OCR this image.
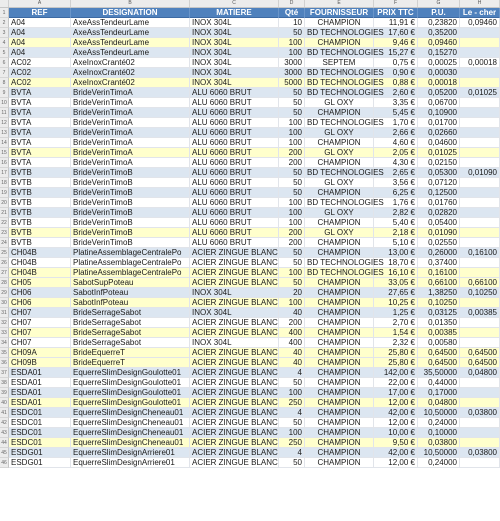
A	B	C	D	E	F	G	H
1
2
3
4
5
6
7
8
9
10
11
12
13
14
15
16
17
18
19
20
21
22
23
24
25
26
27
28
29
30
31
32
33
34
35
36
37
38
39
40
41
42
43
44
45
46
REF	DESIGNATION	MATIERE	Qté	FOURNISSEUR	PRIX TTC	P.U.	Le - cher
A04	AxeAssTendeurLame	INOX 304L	10	CHAMPION	11,91 €	0,23820	0,09460
A04	AxeAssTendeurLame	INOX 304L	50 BD TECHNOLOGIES 17,60 €	0,35200
A04	AxeAssTendeurLame	INOX 304L	100	CHAMPION	9,46 €	0,09460
A04	AxeAssTendeurLame	INOX 304L	100 BD TECHNOLOGIES 15,27 €	0,15270
AC02	AxeInoxCranté02	INOX 304L	3000	SEPTEM	0,75 €	0,00025	0,00018
AC02	AxeInoxCranté02	INOX 304L	3000 BD TECHNOLOGIES	0,90 €	0,00030
AC02	AxeInoxCranté02	INOX 304L	5000 BD TECHNOLOGIES	0,88 €	0,00018
BVTA	BrideVerinTimoA	ALU 6060 BRUT	50 BD TECHNOLOGIES	2,60 €	0,05200	0,01025
BVTA	BrideVerinTimoA	ALU 6060 BRUT	50	GL OXY	3,35 €	0,06700
BVTA	BrideVerinTimoA	ALU 6060 BRUT	50	CHAMPION	5,45 €	0,10900
BVTA	BrideVerinTimoA	ALU 6060 BRUT	100 BD TECHNOLOGIES	1,70 €	0,01700
BVTA	BrideVerinTimoA	ALU 6060 BRUT	100	GL OXY	2,66 €	0,02660
BVTA	BrideVerinTimoA	ALU 6060 BRUT	100	CHAMPION	4,60 €	0,04600
BVTA	BrideVerinTimoA	ALU 6060 BRUT	200	GL OXY	2,05 €	0,01025
BVTA	BrideVerinTimoA	ALU 6060 BRUT	200	CHAMPION	4,30 €	0,02150
BVTB	BrideVerinTimoB	ALU 6060 BRUT	50 BD TECHNOLOGIES	2,65 €	0,05300	0,01090
BVTB	BrideVerinTimoB	ALU 6060 BRUT	50	GL OXY	3,56 €	0,07120
BVTB	BrideVerinTimoB	ALU 6060 BRUT	50	CHAMPION	6,25 €	0,12500
BVTB	BrideVerinTimoB	ALU 6060 BRUT	100 BD TECHNOLOGIES	1,76 €	0,01760
BVTB	BrideVerinTimoB	ALU 6060 BRUT	100	GL OXY	2,82 €	0,02820
BVTB	BrideVerinTimoB	ALU 6060 BRUT	100	CHAMPION	5,40 €	0,05400
BVTB	BrideVerinTimoB	ALU 6060 BRUT	200	GL OXY	2,18 €	0,01090
BVTB	BrideVerinTimoB	ALU 6060 BRUT	200	CHAMPION	5,10 €	0,02550
CH04B	PlatineAssemblageCentralePo	ACIER ZINGUE BLANC	50	CHAMPION	13,00 €	0,26000	0,16100
CH04B	PlatineAssemblageCentralePo	ACIER ZINGUE BLANC	50 BD TECHNOLOGIES 18,70 €	0,37400
CH04B	PlatineAssemblageCentralePo	ACIER ZINGUE BLANC	100 BD TECHNOLOGIES 16,10 €	0,16100
CH05	SabotSupPoteau	ACIER ZINGUE BLANC	50	CHAMPION	33,05 €	0,66100	0,66100
CH06	SabotInfPoteau	INOX 304L	20	CHAMPION	27,65 €	1,38250	0,10250
CH06	SabotInfPoteau	ACIER ZINGUE BLANC	100	CHAMPION	10,25 €	0,10250
CH07	BrideSerrageSabot	INOX 304L	40	CHAMPION	1,25 €	0,03125	0,00385
CH07	BrideSerrageSabot	ACIER ZINGUE BLANC	200	CHAMPION	2,70 €	0,01350
CH07	BrideSerrageSabot	ACIER ZINGUE BLANC	400	CHAMPION	1,54 €	0,00385
CH07	BrideSerrageSabot	INOX 304L	400	CHAMPION	2,32 €	0,00580
CH09A	BrideEquerreT	ACIER ZINGUE BLANC	40	CHAMPION	25,80 €	0,64500	0,64500
CH09B	BrideEquerreT	ACIER ZINGUE BLANC	40	CHAMPION	25,80 €	0,64500	0,64500
ESDA01	EquerreSlimDesignGoulotte01	ACIER ZINGUE BLANC	4	CHAMPION	142,00 €	35,50000	0,04800
ESDA01	EquerreSlimDesignGoulotte01	ACIER ZINGUE BLANC	50	CHAMPION	22,00 €	0,44000
ESDA01	EquerreSlimDesignGoulotte01	ACIER ZINGUE BLANC	100	CHAMPION	17,00 €	0,17000
ESDA01	EquerreSlimDesignGoulotte01	ACIER ZINGUE BLANC	250	CHAMPION	12,00 €	0,04800
ESDC01	EquerreSlimDesignCheneau01	ACIER ZINGUE BLANC	4	CHAMPION	42,00 €	10,50000	0,03800
ESDC01	EquerreSlimDesignCheneau01	ACIER ZINGUE BLANC	50	CHAMPION	12,00 €	0,24000
ESDC01	EquerreSlimDesignCheneau01	ACIER ZINGUE BLANC	100	CHAMPION	10,00 €	0,10000
ESDC01	EquerreSlimDesignCheneau01	ACIER ZINGUE BLANC	250	CHAMPION	9,50 €	0,03800
ESDG01	EquerreSlimDesignArriere01	ACIER ZINGUE BLANC	4	CHAMPION	42,00 €	10,50000	0,03800
ESDG01	EquerreSlimDesignArriere01	ACIER ZINGUE BLANC	50	CHAMPION	12,00 €	0,24000
